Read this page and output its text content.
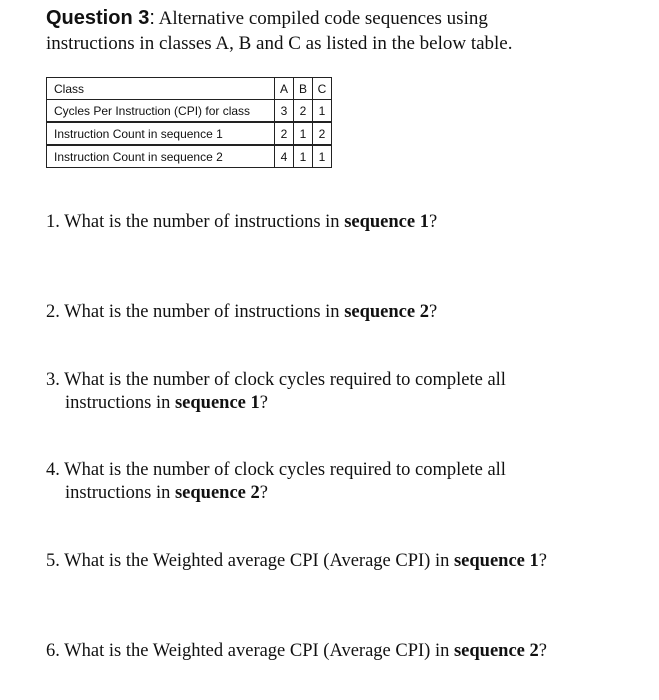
Question 3: Alternative compiled code sequences using
instructions in classes A, B and C as listed in the below table.
Class	A	B	C
Cycles Per Instruction (CPI) for class	3	2	1
Instruction Count in sequence 1	2	1	2
Instruction Count in sequence 2	4	1	1
1. What is the number of instructions in sequence 1?
2. What is the number of instructions in sequence 2?
3. What is the number of clock cycles required to complete all
instructions in sequence 1?
4. What is the number of clock cycles required to complete all
instructions in sequence 2?
5. What is the Weighted average CPI (Average CPI) in sequence 1?
6. What is the Weighted average CPI (Average CPI) in sequence 2?
